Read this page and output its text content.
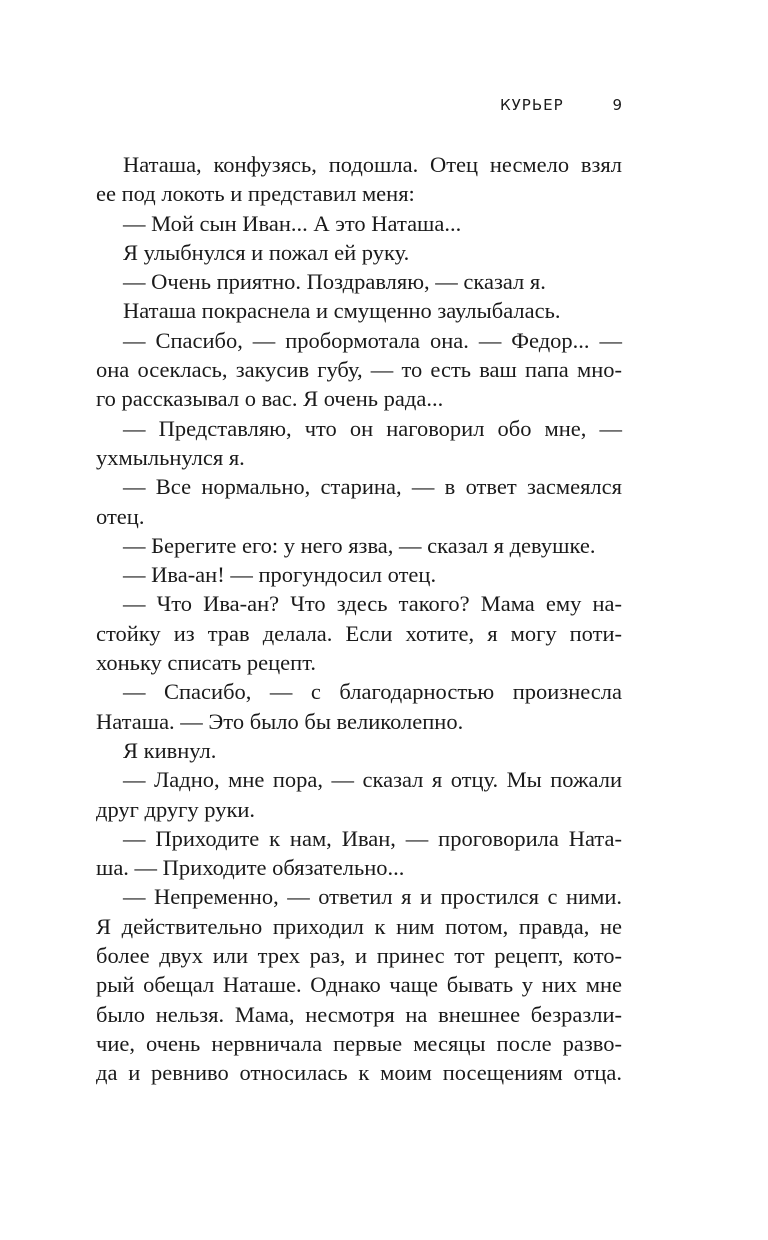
КУРЬЕР	9
Наташа, конфузясь, подошла. Отец несмело взял
ее под локоть и представил меня:
— Мой сын Иван... А это Наташа...
Я улыбнулся и пожал ей руку.
— Очень приятно. Поздравляю, — сказал я.
Наташа покраснела и смущенно заулыбалась.
— Спасибо, — пробормотала она. — Федор... —
она осеклась, закусив губу, — то есть ваш папа мно-
го рассказывал о вас. Я очень рада...
— Представляю, что он наговорил обо мне, —
ухмыльнулся я.
— Все нормально, старина, — в ответ засмеялся
отец.
— Берегите его: у него язва, — сказал я девушке.
— Ива-ан! — прогундосил отец.
— Что Ива-ан? Что здесь такого? Мама ему на-
стойку из трав делала. Если хотите, я могу поти-
хоньку списать рецепт.
— Спасибо, — с благодарностью произнесла
Наташа. — Это было бы великолепно.
Я кивнул.
— Ладно, мне пора, — сказал я отцу. Мы пожали
друг другу руки.
— Приходите к нам, Иван, — проговорила Ната-
ша. — Приходите обязательно...
— Непременно, — ответил я и простился с ними.
Я действительно приходил к ним потом, правда, не
более двух или трех раз, и принес тот рецепт, кото-
рый обещал Наташе. Однако чаще бывать у них мне
было нельзя. Мама, несмотря на внешнее безразли-
чие, очень нервничала первые месяцы после разво-
да и ревниво относилась к моим посещениям отца.
